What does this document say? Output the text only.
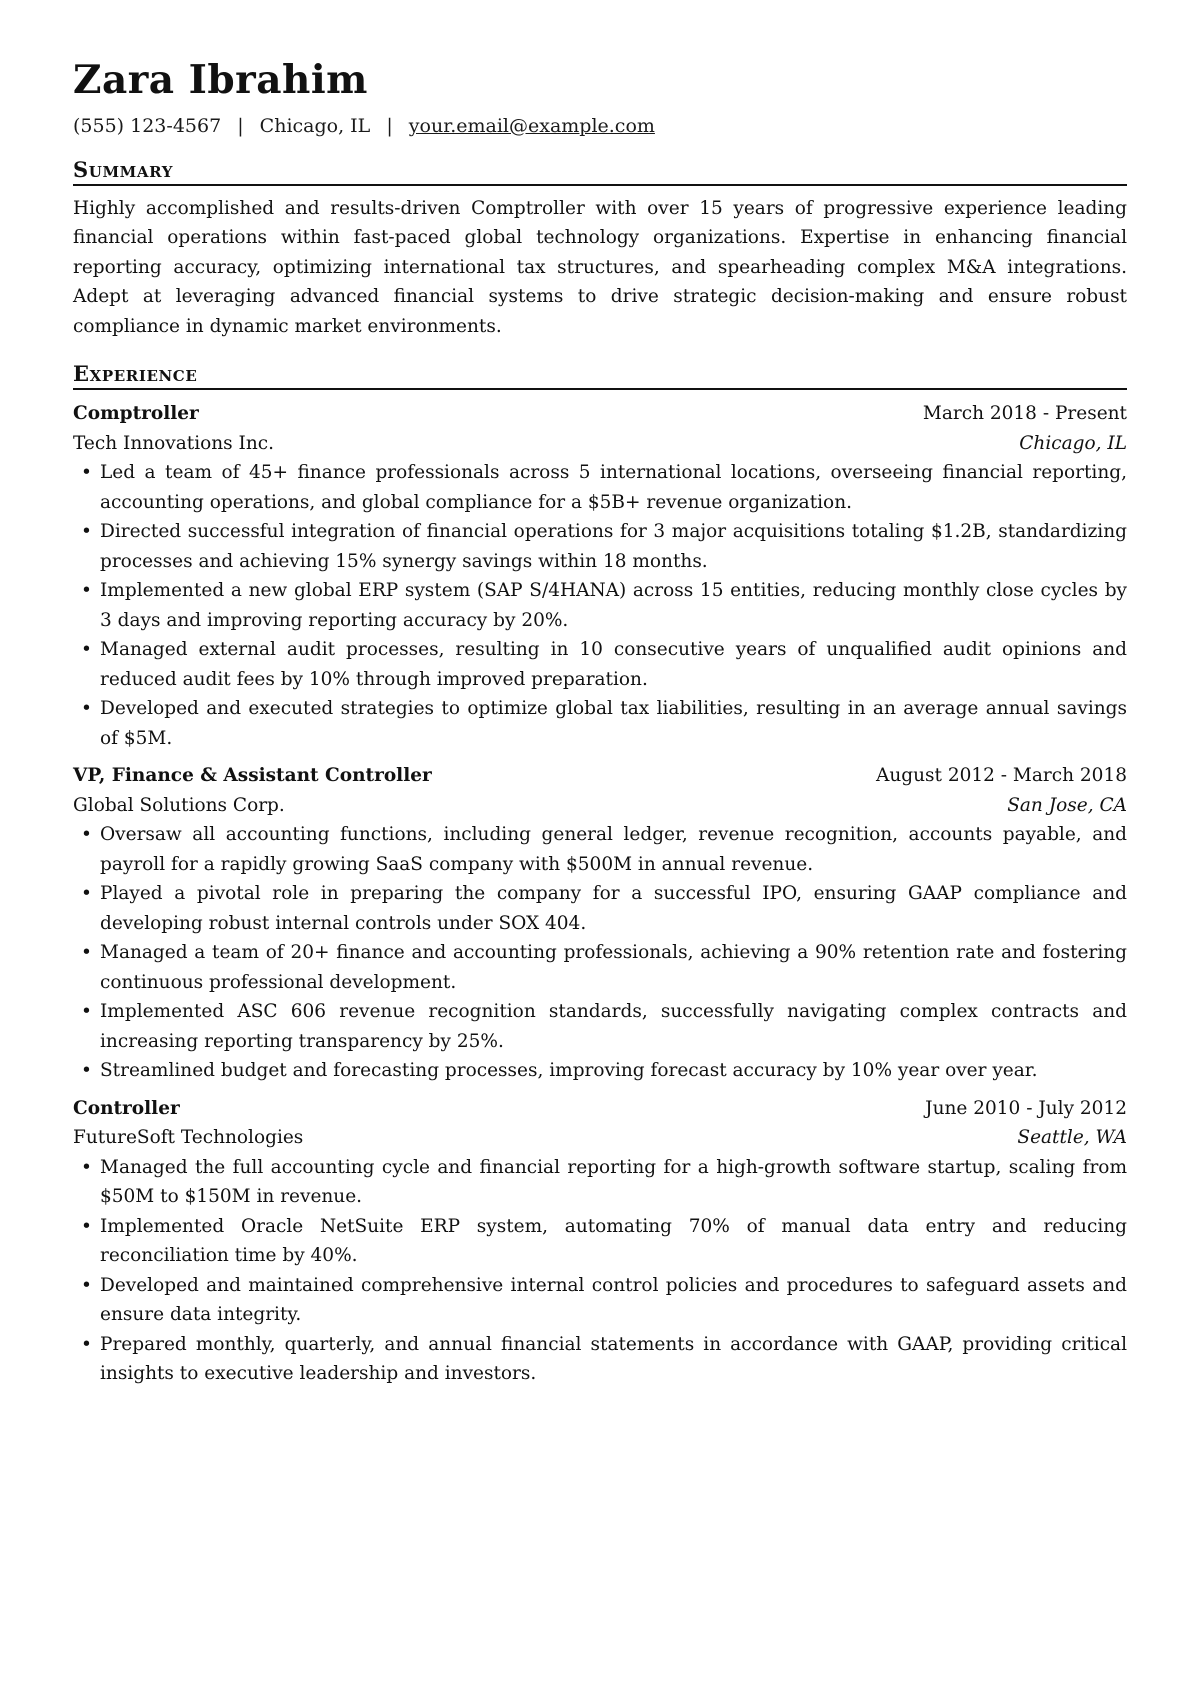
Zara Ibrahim
(555) 123-4567 | Chicago, IL | your.email@example.com
Summary

Highly accomplished and results-driven Comptroller with over 15 years of progressive experience leading financial operations within fast-paced global technology organizations. Expertise in enhancing financial reporting accuracy, optimizing international tax structures, and spearheading complex M&A integrations. Adept at leveraging advanced financial systems to drive strategic decision-making and ensure robust compliance in dynamic market environments.

Experience
Comptroller	March 2018 - Present
Tech Innovations Inc.	Chicago, IL
• Led a team of 45+ finance professionals across 5 international locations, overseeing financial reporting, accounting operations, and global compliance for a $5B+ revenue organization.
• Directed successful integration of financial operations for 3 major acquisitions totaling $1.2B, standardizing processes and achieving 15% synergy savings within 18 months.
• Implemented a new global ERP system (SAP S/4HANA) across 15 entities, reducing monthly close cycles by 3 days and improving reporting accuracy by 20%.
• Managed external audit processes, resulting in 10 consecutive years of unqualified audit opinions and reduced audit fees by 10% through improved preparation.
• Developed and executed strategies to optimize global tax liabilities, resulting in an average annual savings of $5M.
VP, Finance & Assistant Controller	August 2012 - March 2018
Global Solutions Corp.	San Jose, CA
• Oversaw all accounting functions, including general ledger, revenue recognition, accounts payable, and payroll for a rapidly growing SaaS company with $500M in annual revenue.
• Played a pivotal role in preparing the company for a successful IPO, ensuring GAAP compliance and developing robust internal controls under SOX 404.
• Managed a team of 20+ finance and accounting professionals, achieving a 90% retention rate and fostering continuous professional development.
• Implemented ASC 606 revenue recognition standards, successfully navigating complex contracts and increasing reporting transparency by 25%.
• Streamlined budget and forecasting processes, improving forecast accuracy by 10% year over year.
Controller	June 2010 - July 2012
FutureSoft Technologies	Seattle, WA
• Managed the full accounting cycle and financial reporting for a high-growth software startup, scaling from $50M to $150M in revenue.
• Implemented Oracle NetSuite ERP system, automating 70% of manual data entry and reducing reconciliation time by 40%.
• Developed and maintained comprehensive internal control policies and procedures to safeguard assets and ensure data integrity.
• Prepared monthly, quarterly, and annual financial statements in accordance with GAAP, providing critical insights to executive leadership and investors.
